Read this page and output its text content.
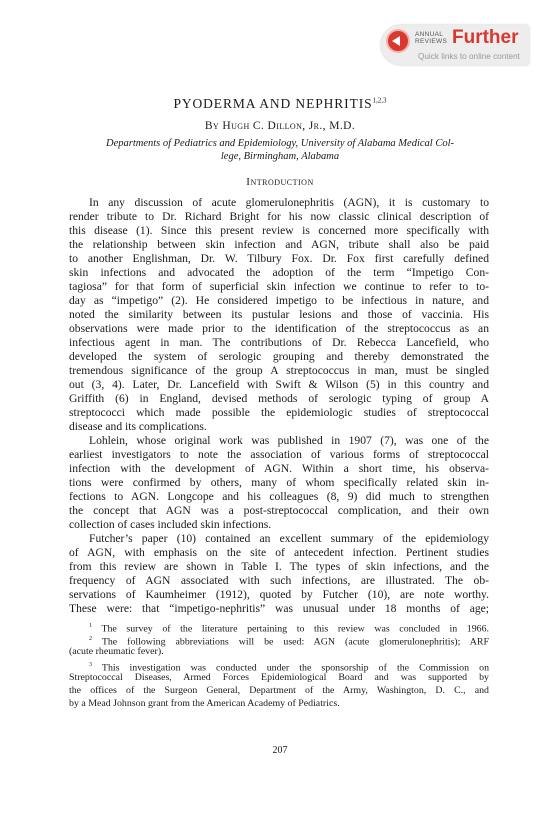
ANNUAL
REVIEWS Further
Quick links to online content
PYODERMA AND NEPHRITIS$^{1,2,3}$
By Hugh C. Dillon, Jr., M.D.
Departments of Pediatrics and Epidemiology, University of Alabama Medical Col-
lege, Birmingham, Alabama
Introduction
In any discussion of acute glomerulonephritis (AGN), it is customary to
render tribute to Dr. Richard Bright for his now classic clinical description of
this disease (1). Since this present review is concerned more specifically with
the relationship between skin infection and AGN, tribute shall also be paid
to another Englishman, Dr. W. Tilbury Fox. Dr. Fox first carefully defined
skin infections and advocated the adoption of the term “Impetigo Con-
tagiosa” for that form of superficial skin infection we continue to refer to to-
day as “impetigo” (2). He considered impetigo to be infectious in nature, and
noted the similarity between its pustular lesions and those of vaccinia. His
observations were made prior to the identification of the streptococcus as an
infectious agent in man. The contributions of Dr. Rebecca Lancefield, who
developed the system of serologic grouping and thereby demonstrated the
tremendous significance of the group A streptococcus in man, must be singled
out (3, 4). Later, Dr. Lancefield with Swift & Wilson (5) in this country and
Griffith (6) in England, devised methods of serologic typing of group A
streptococci which made possible the epidemiologic studies of streptococcal
disease and its complications.
Lohlein, whose original work was published in 1907 (7), was one of the
earliest investigators to note the association of various forms of streptococcal
infection with the development of AGN. Within a short time, his observa-
tions were confirmed by others, many of whom specifically related skin in-
fections to AGN. Longcope and his colleagues (8, 9) did much to strengthen
the concept that AGN was a post-streptococcal complication, and their own
collection of cases included skin infections.
Futcher’s paper (10) contained an excellent summary of the epidemiology
of AGN, with emphasis on the site of antecedent infection. Pertinent studies
from this review are shown in Table I. The types of skin infections, and the
frequency of AGN associated with such infections, are illustrated. The ob-
servations of Kaumheimer (1912), quoted by Futcher (10), are note worthy.
These were: that “impetigo-nephritis” was unusual under 18 months of age;
$^1$ The survey of the literature pertaining to this review was concluded in 1966.
$^2$ The following abbreviations will be used: AGN (acute glomerulonephritis); ARF
(acute rheumatic fever).
$^3$ This investigation was conducted under the sponsorship of the Commission on
Streptococcal Diseases, Armed Forces Epidemiological Board and was supported by
the offices of the Surgeon General, Department of the Army, Washington, D. C., and
by a Mead Johnson grant from the American Academy of Pediatrics.
207
